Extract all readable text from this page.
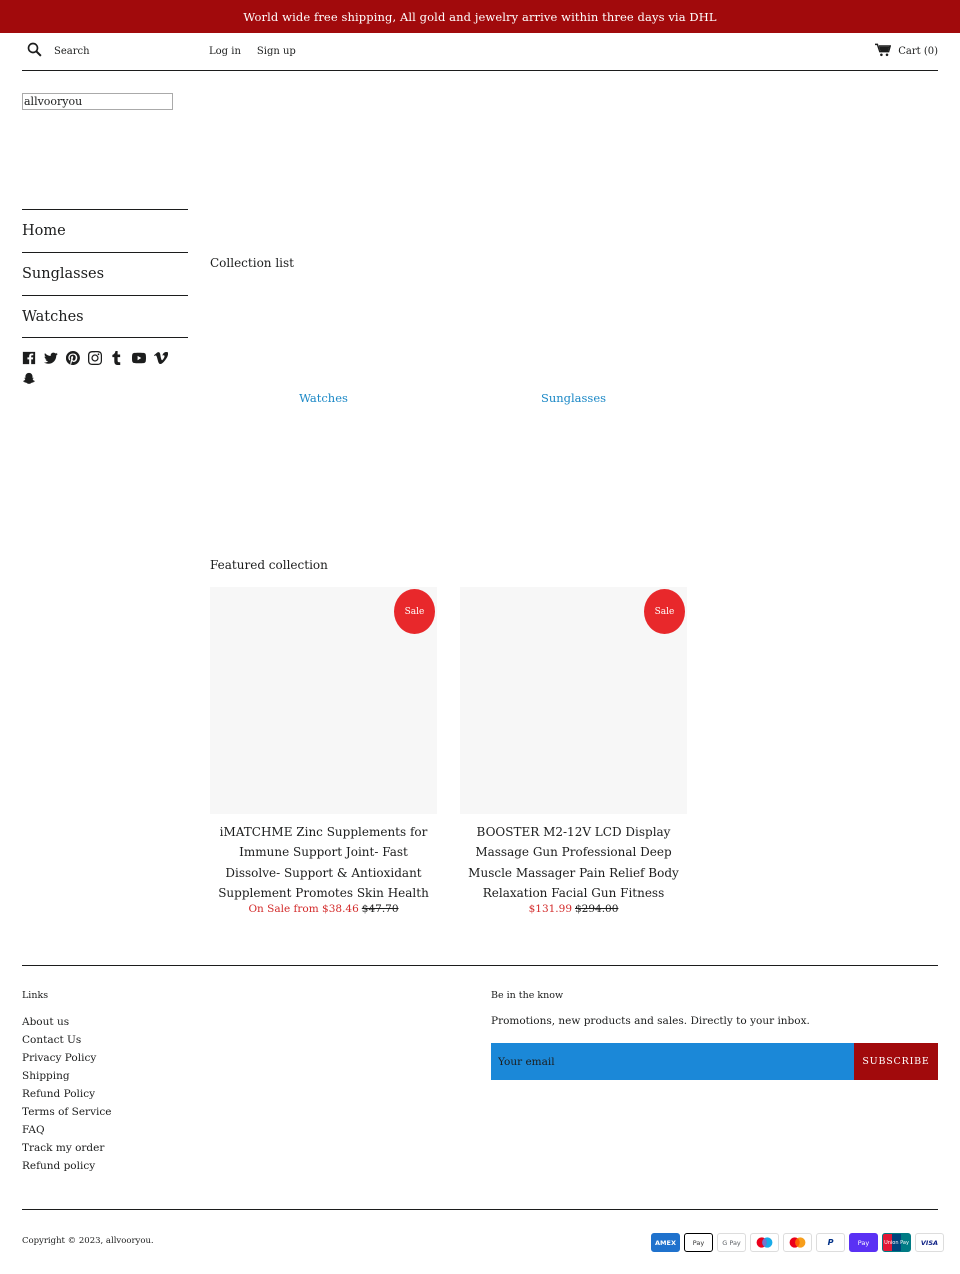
World wide free shipping, All gold and jewelry arrive within three days via DHL
Search
Log in Sign up	Cart (0)
allvooryou
Home
Sunglasses
Watches
Collection list
Watches	Sunglasses
Featured collection
Sale
iMATCHME Zinc Supplements for Immune Support Joint- Fast Dissolve- Support & Antioxidant Supplement Promotes Skin Health
On Sale from $38.46 $47.70
Sale
BOOSTER M2-12V LCD Display Massage Gun Professional Deep Muscle Massager Pain Relief Body Relaxation Facial Gun Fitness
$131.99 $294.00
Links
About us
Contact Us
Privacy Policy
Shipping
Refund Policy
Terms of Service
FAQ
Track my order
Refund policy
Be in the know
Promotions, new products and sales. Directly to your inbox.
Your email
SUBSCRIBE
Copyright © 2023, allvooryou.	AMEX	Pay	G Pay	P	Pay	Union Pay	VISA
